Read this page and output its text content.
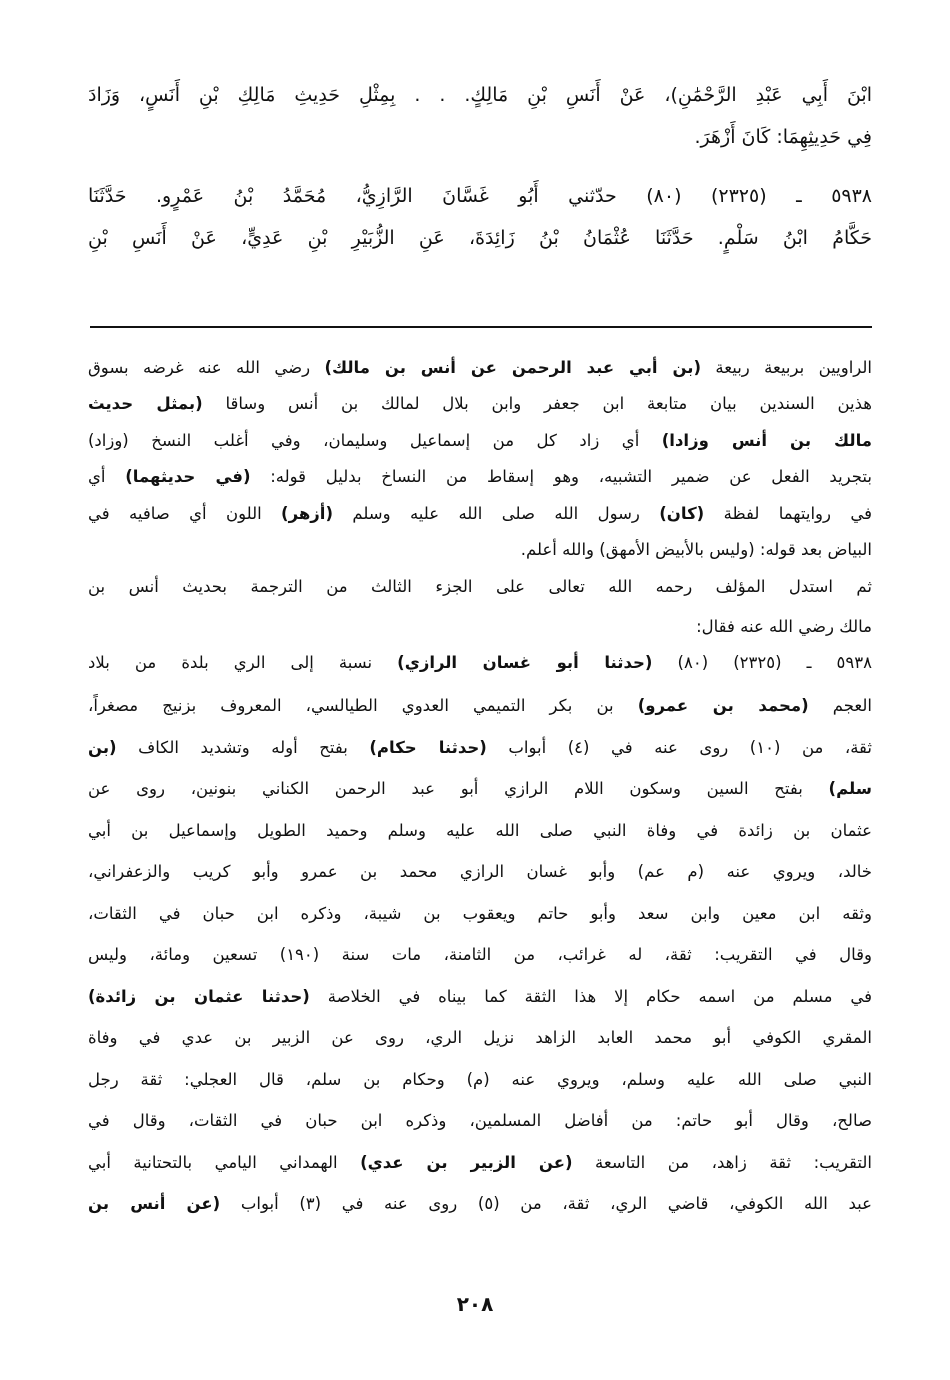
ابْنَ أَبِي عَبْدِ الرَّحْمَٰنِ)، عَنْ أَنَسِ بْنِ مَالِكٍ. . . بِمِثْلِ حَدِيثِ مَالِكِ بْنِ أَنَسٍ، وَزَادَ
فِي حَدِيثِهِمَا: كَانَ أَزْهَرَ.
٥٩٣٨ ـ (٢٣٢٥) (٨٠) حدّثني أَبُو غَسَّانَ الرَّازِيُّ، مُحَمَّدُ بْنُ عَمْرٍو. حَدَّثَنَا
حَكَّامُ ابْنُ سَلْمٍ. حَدَّثَنَا عُثْمَانُ بْنُ زَائِدَةَ، عَنِ الزُّبَيْرِ بْنِ عَدِيٍّ، عَنْ أَنَسِ بْنِ
الراويين بربيعة ربيعة (بن أبي عبد الرحمن عن أنس بن مالك) رضي الله عنه غرضه بسوق
هذين السندين بيان متابعة ابن جعفر وابن بلال لمالك بن أنس وساقا (بمثل حديث
مالك بن أنس وزادا) أي زاد كل من إسماعيل وسليمان، وفي أغلب النسخ (وزاد)
بتجريد الفعل عن ضمير التشبيه، وهو إسقاط من النساخ بدليل قوله: (في حديثهما) أي
في روايتهما لفظة (كان) رسول الله صلى الله عليه وسلم (أزهر) اللون أي صافيه في
البياض بعد قوله: (وليس بالأبيض الأمهق) والله أعلم.
ثم استدل المؤلف رحمه الله تعالى على الجزء الثالث من الترجمة بحديث أنس بن
مالك رضي الله عنه فقال:
٥٩٣٨ ـ (٢٣٢٥) (٨٠) (حدثنا أبو غسان الرازي) نسبة إلى الري بلدة من بلاد
العجم (محمد بن عمرو) بن بكر التميمي العدوي الطيالسي، المعروف بزنيج مصغراً،
ثقة، من (١٠) روى عنه في (٤) أبواب (حدثنا حكام) بفتح أوله وتشديد الكاف (بن
سلم) بفتح السين وسكون اللام الرازي أبو عبد الرحمن الكناني بنونين، روى عن
عثمان بن زائدة في وفاة النبي صلى الله عليه وسلم وحميد الطويل وإسماعيل بن أبي
خالد، ويروي عنه (م عم) وأبو غسان الرازي محمد بن عمرو وأبو كريب والزعفراني،
وثقه ابن معين وابن سعد وأبو حاتم ويعقوب بن شيبة، وذكره ابن حبان في الثقات،
وقال في التقريب: ثقة، له غرائب، من الثامنة، مات سنة (١٩٠) تسعين ومائة، وليس
في مسلم من اسمه حكام إلا هذا الثقة كما بيناه في الخلاصة (حدثنا عثمان بن زائدة)
المقري الكوفي أبو محمد العابد الزاهد نزيل الري، روى عن الزبير بن عدي في وفاة
النبي صلى الله عليه وسلم، ويروي عنه (م) وحكام بن سلم، قال العجلي: ثقة رجل
صالح، وقال أبو حاتم: من أفاضل المسلمين، وذكره ابن حبان في الثقات، وقال في
التقريب: ثقة زاهد، من التاسعة (عن الزبير بن عدي) الهمداني اليامي بالتحتانية أبي
عبد الله الكوفي، قاضي الري، ثقة، من (٥) روى عنه في (٣) أبواب (عن أنس بن
٢٠٨
